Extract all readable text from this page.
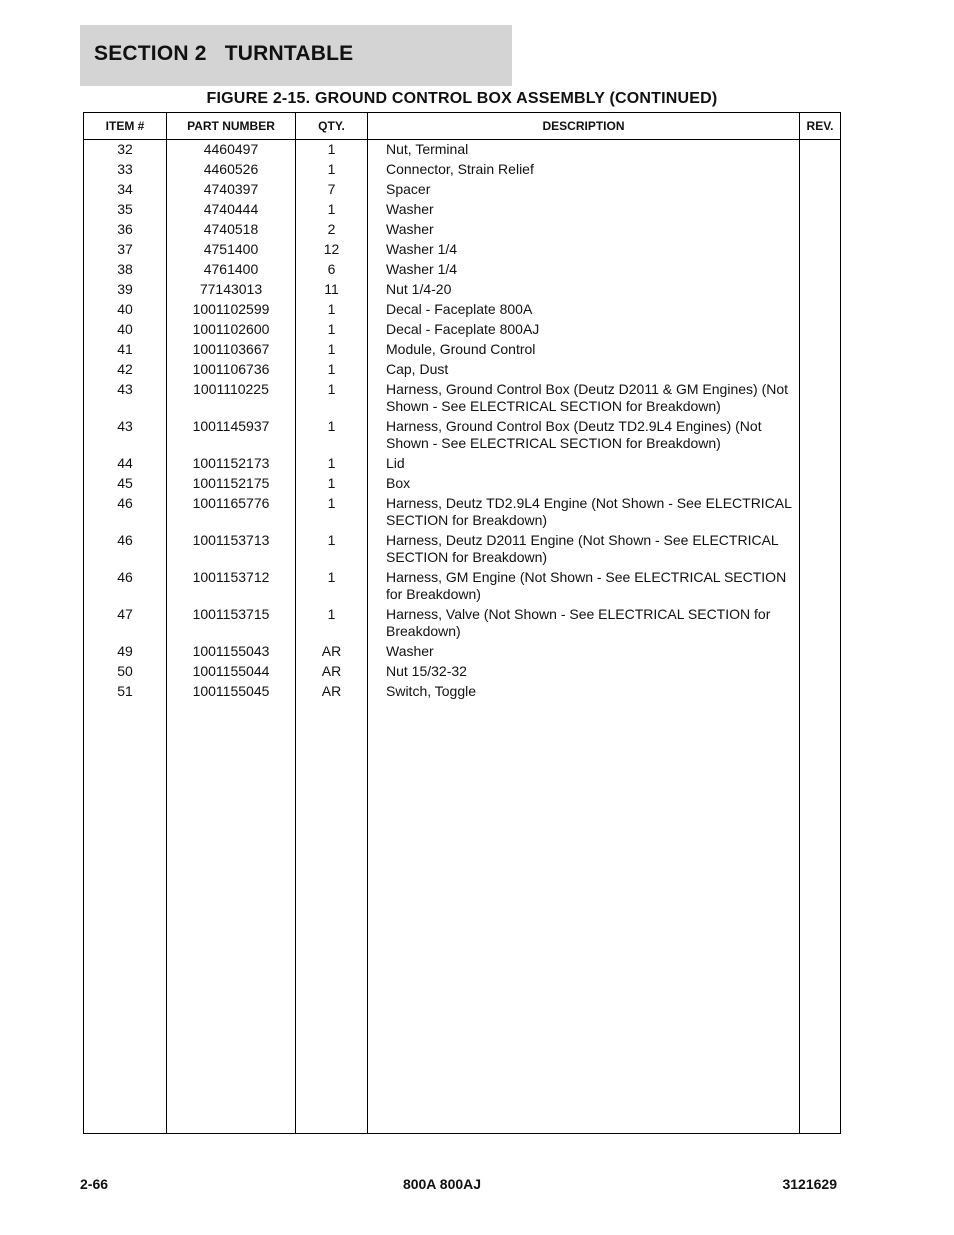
SECTION 2   TURNTABLE
FIGURE 2-15. GROUND CONTROL BOX ASSEMBLY (CONTINUED)
ITEM #	PART NUMBER	QTY.	DESCRIPTION	REV.
32	4460497	1	Nut, Terminal
33	4460526	1	Connector, Strain Relief
34	4740397	7	Spacer
35	4740444	1	Washer
36	4740518	2	Washer
37	4751400	12	Washer 1/4
38	4761400	6	Washer 1/4
39	77143013	11	Nut 1/4-20
40	1001102599	1	Decal - Faceplate 800A
40	1001102600	1	Decal - Faceplate 800AJ
41	1001103667	1	Module, Ground Control
42	1001106736	1	Cap, Dust
43	1001110225	1	Harness, Ground Control Box (Deutz D2011 & GM Engines) (Not Shown - See ELECTRICAL SECTION for Breakdown)
43	1001145937	1	Harness, Ground Control Box (Deutz TD2.9L4 Engines) (Not Shown - See ELECTRICAL SECTION for Breakdown)
44	1001152173	1	Lid
45	1001152175	1	Box
46	1001165776	1	Harness, Deutz TD2.9L4 Engine (Not Shown - See ELECTRICAL SECTION for Breakdown)
46	1001153713	1	Harness, Deutz D2011 Engine (Not Shown - See ELECTRICAL SECTION for Breakdown)
46	1001153712	1	Harness, GM Engine (Not Shown - See ELECTRICAL SECTION for Breakdown)
47	1001153715	1	Harness, Valve (Not Shown - See ELECTRICAL SECTION for Breakdown)
49	1001155043	AR	Washer
50	1001155044	AR	Nut 15/32-32
51	1001155045	AR	Switch, Toggle
2-66	800A 800AJ	3121629
